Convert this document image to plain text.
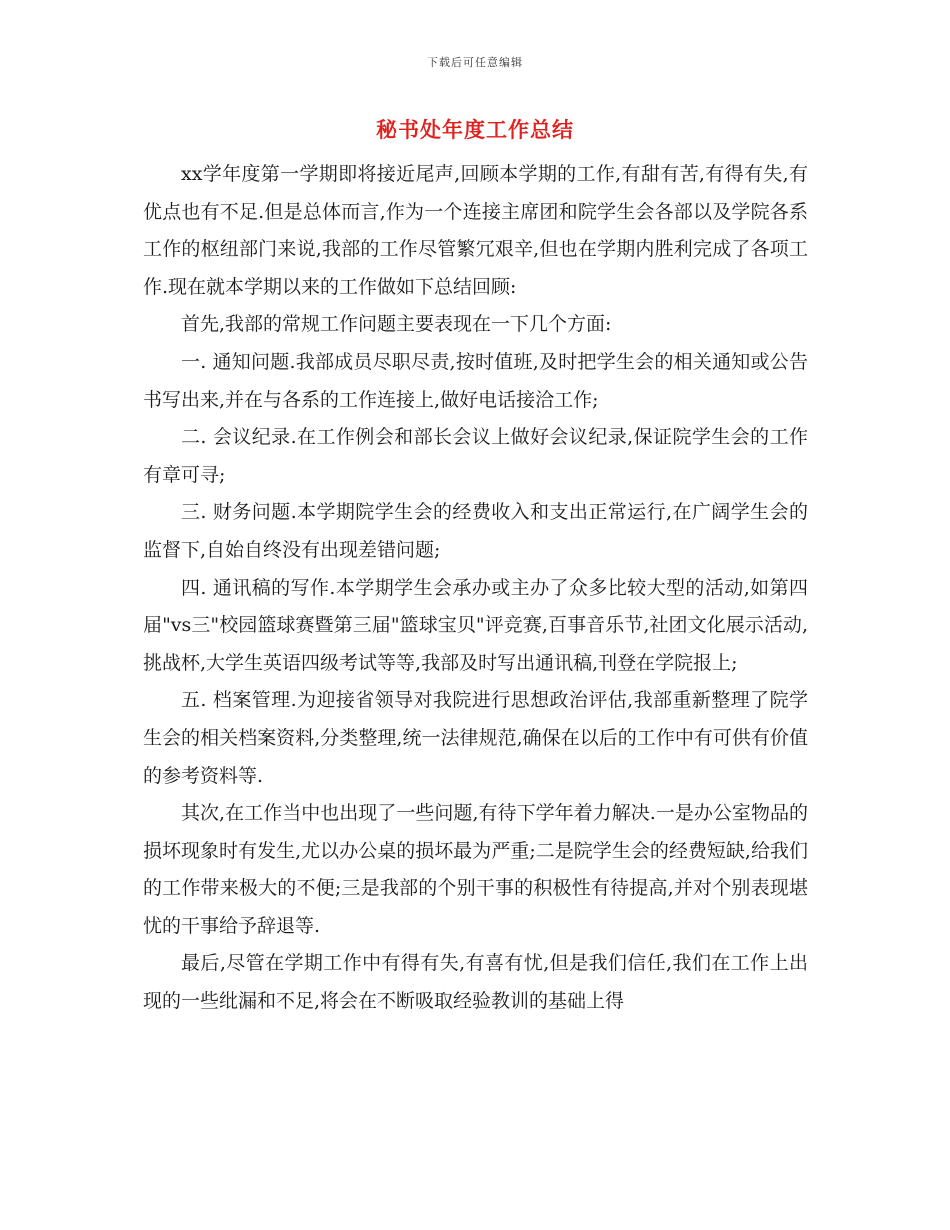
下载后可任意编辑
秘书处年度工作总结

xx学年度第一学期即将接近尾声,回顾本学期的工作,有甜有苦,有得有失,有优点也有不足.但是总体而言,作为一个连接主席团和院学生会各部以及学院各系工作的枢纽部门来说,我部的工作尽管繁冗艰辛,但也在学期内胜利完成了各项工作.现在就本学期以来的工作做如下总结回顾:

首先,我部的常规工作问题主要表现在一下几个方面:

一. 通知问题.我部成员尽职尽责,按时值班,及时把学生会的相关通知或公告书写出来,并在与各系的工作连接上,做好电话接洽工作;

二. 会议纪录.在工作例会和部长会议上做好会议纪录,保证院学生会的工作有章可寻;

三. 财务问题.本学期院学生会的经费收入和支出正常运行,在广阔学生会的监督下,自始自终没有出现差错问题;

四. 通讯稿的写作.本学期学生会承办或主办了众多比较大型的活动,如第四届"vs三"校园篮球赛暨第三届"篮球宝贝"评竞赛,百事音乐节,社团文化展示活动,挑战杯,大学生英语四级考试等等,我部及时写出通讯稿,刊登在学院报上;

五. 档案管理.为迎接省领导对我院进行思想政治评估,我部重新整理了院学生会的相关档案资料,分类整理,统一法律规范,确保在以后的工作中有可供有价值的参考资料等.

其次,在工作当中也出现了一些问题,有待下学年着力解决.一是办公室物品的损坏现象时有发生,尤以办公桌的损坏最为严重;二是院学生会的经费短缺,给我们的工作带来极大的不便;三是我部的个别干事的积极性有待提高,并对个别表现堪忧的干事给予辞退等.

最后,尽管在学期工作中有得有失,有喜有忧,但是我们信任,我们在工作上出现的一些纰漏和不足,将会在不断吸取经验教训的基础上得
